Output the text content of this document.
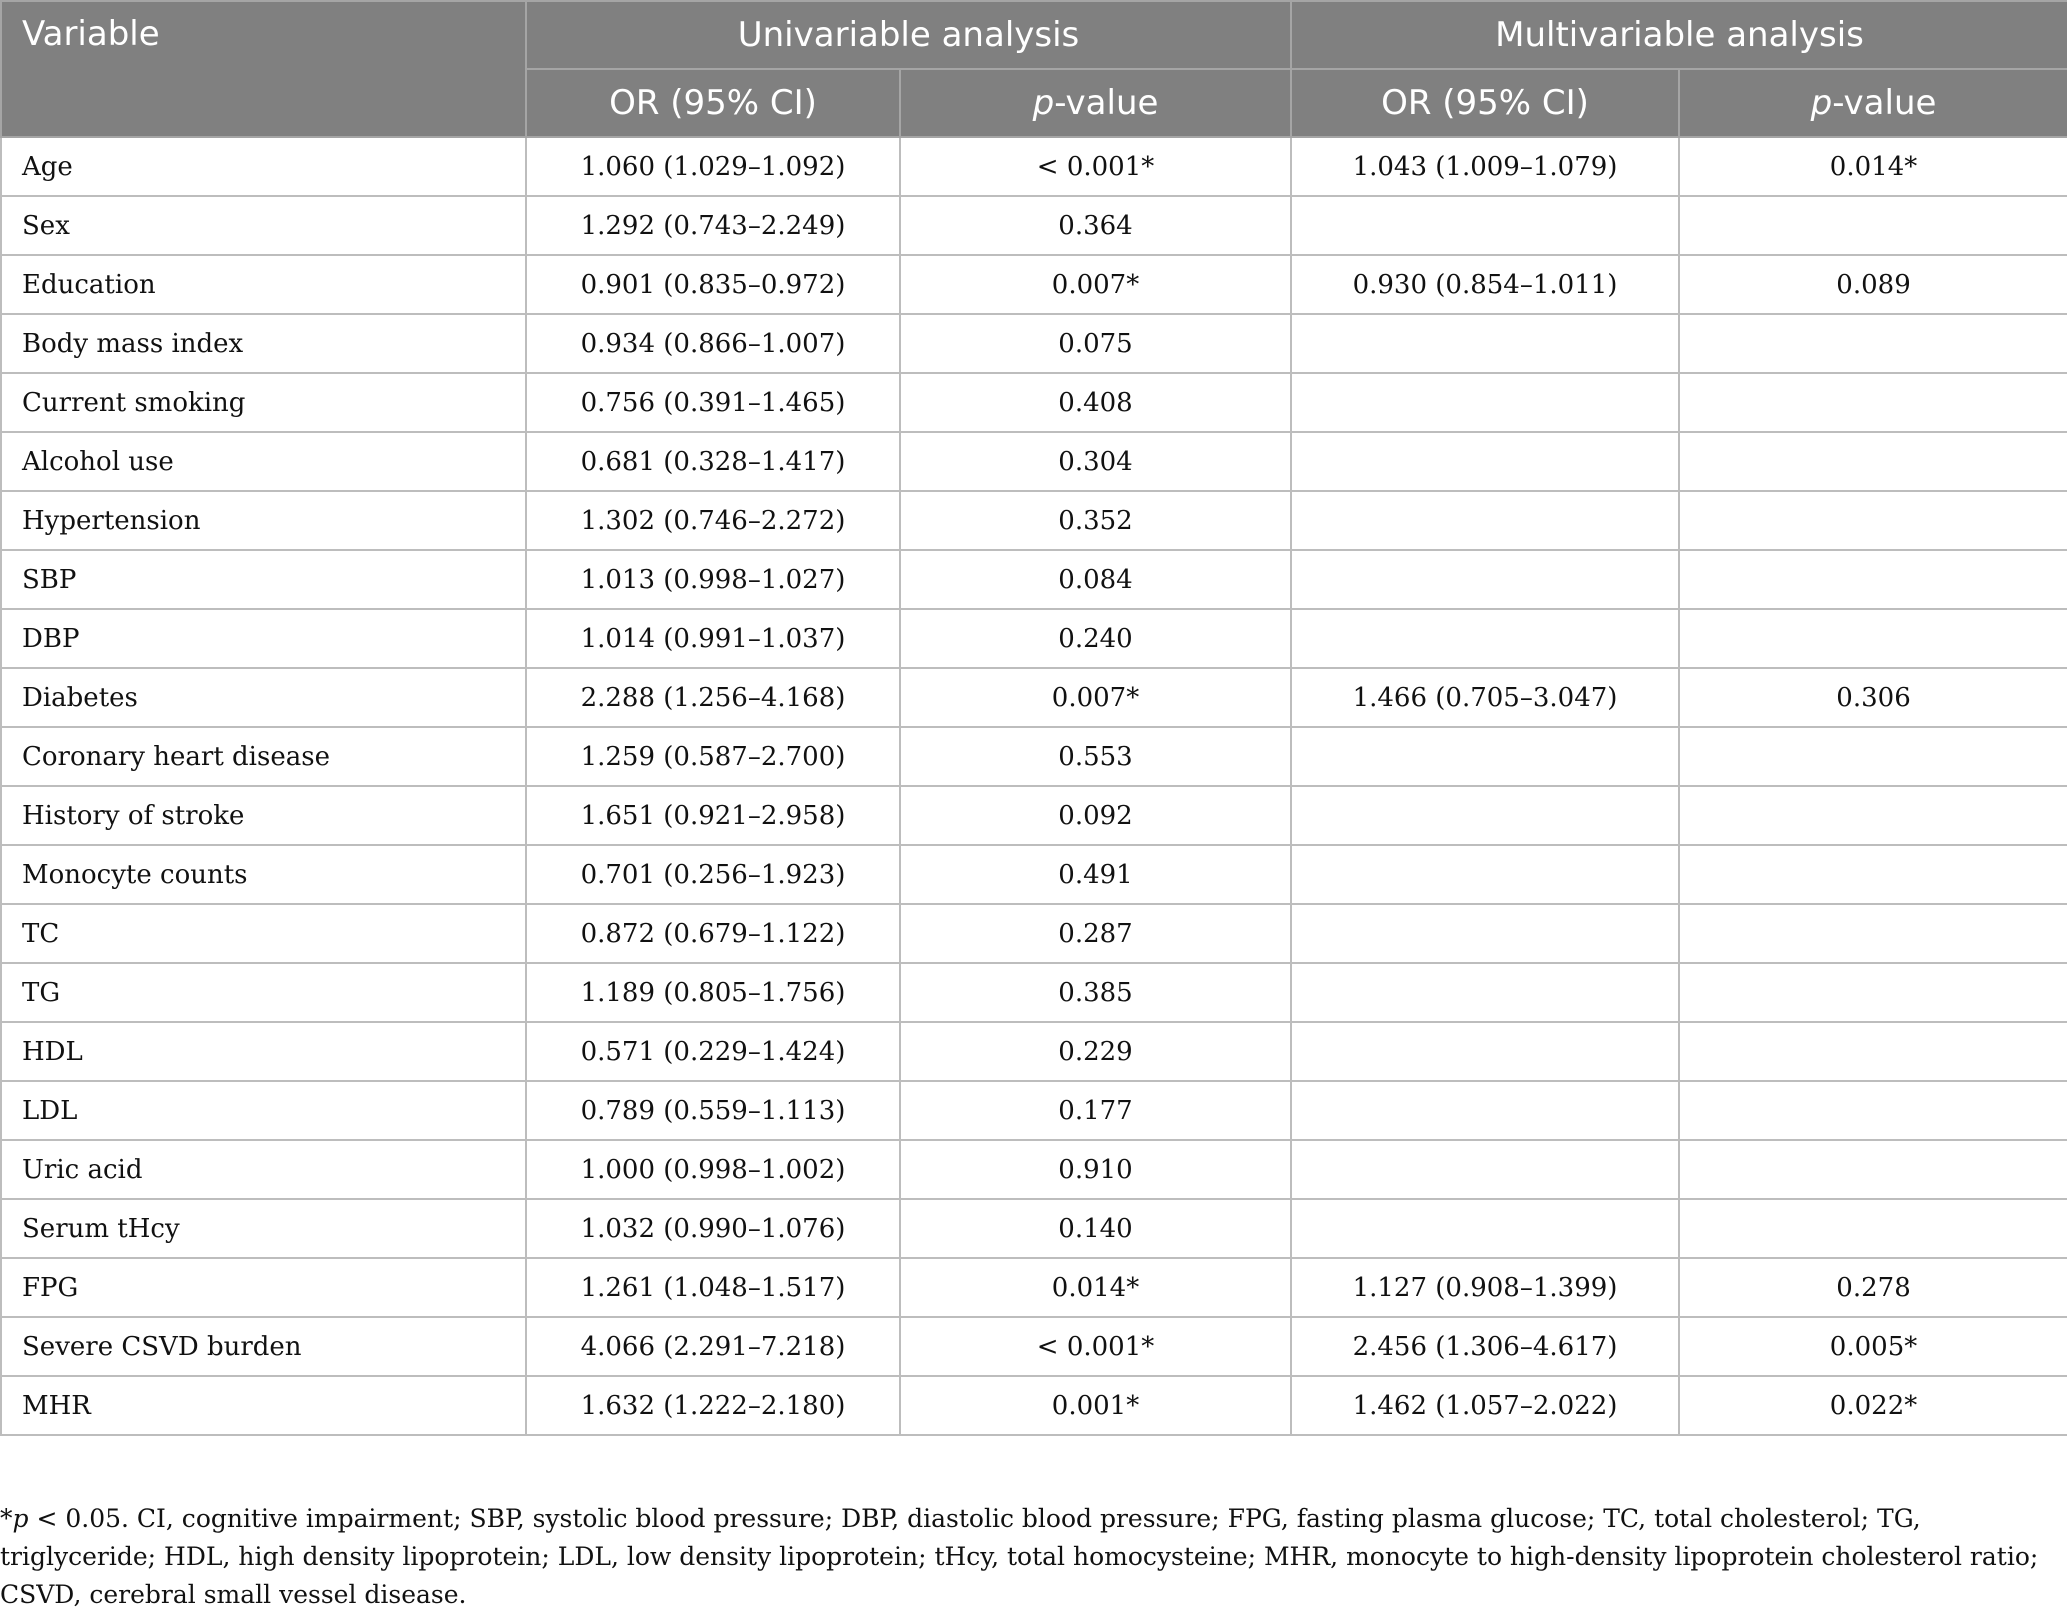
Variable	Univariable analysis		Multivariable analysis	
	OR (95% CI)	p-value	OR (95% CI)	p-value
Age	1.060 (1.029–1.092)	< 0.001*	1.043 (1.009–1.079)	0.014*
Sex	1.292 (0.743–2.249)	0.364		
Education	0.901 (0.835–0.972)	0.007*	0.930 (0.854–1.011)	0.089
Body mass index	0.934 (0.866–1.007)	0.075		
Current smoking	0.756 (0.391–1.465)	0.408		
Alcohol use	0.681 (0.328–1.417)	0.304		
Hypertension	1.302 (0.746–2.272)	0.352		
SBP	1.013 (0.998–1.027)	0.084		
DBP	1.014 (0.991–1.037)	0.240		
Diabetes	2.288 (1.256–4.168)	0.007*	1.466 (0.705–3.047)	0.306
Coronary heart disease	1.259 (0.587–2.700)	0.553		
History of stroke	1.651 (0.921–2.958)	0.092		
Monocyte counts	0.701 (0.256–1.923)	0.491		
TC	0.872 (0.679–1.122)	0.287		
TG	1.189 (0.805–1.756)	0.385		
HDL	0.571 (0.229–1.424)	0.229		
LDL	0.789 (0.559–1.113)	0.177		
Uric acid	1.000 (0.998–1.002)	0.910		
Serum tHcy	1.032 (0.990–1.076)	0.140		
FPG	1.261 (1.048–1.517)	0.014*	1.127 (0.908–1.399)	0.278
Severe CSVD burden	4.066 (2.291–7.218)	< 0.001*	2.456 (1.306–4.617)	0.005*
MHR	1.632 (1.222–2.180)	0.001*	1.462 (1.057–2.022)	0.022*
*p < 0.05. CI, cognitive impairment; SBP, systolic blood pressure; DBP, diastolic blood pressure; FPG, fasting plasma glucose; TC, total cholesterol; TG, triglyceride; HDL, high density lipoprotein; LDL, low density lipoprotein; tHcy, total homocysteine; MHR, monocyte to high-density lipoprotein cholesterol ratio; CSVD, cerebral small vessel disease.
